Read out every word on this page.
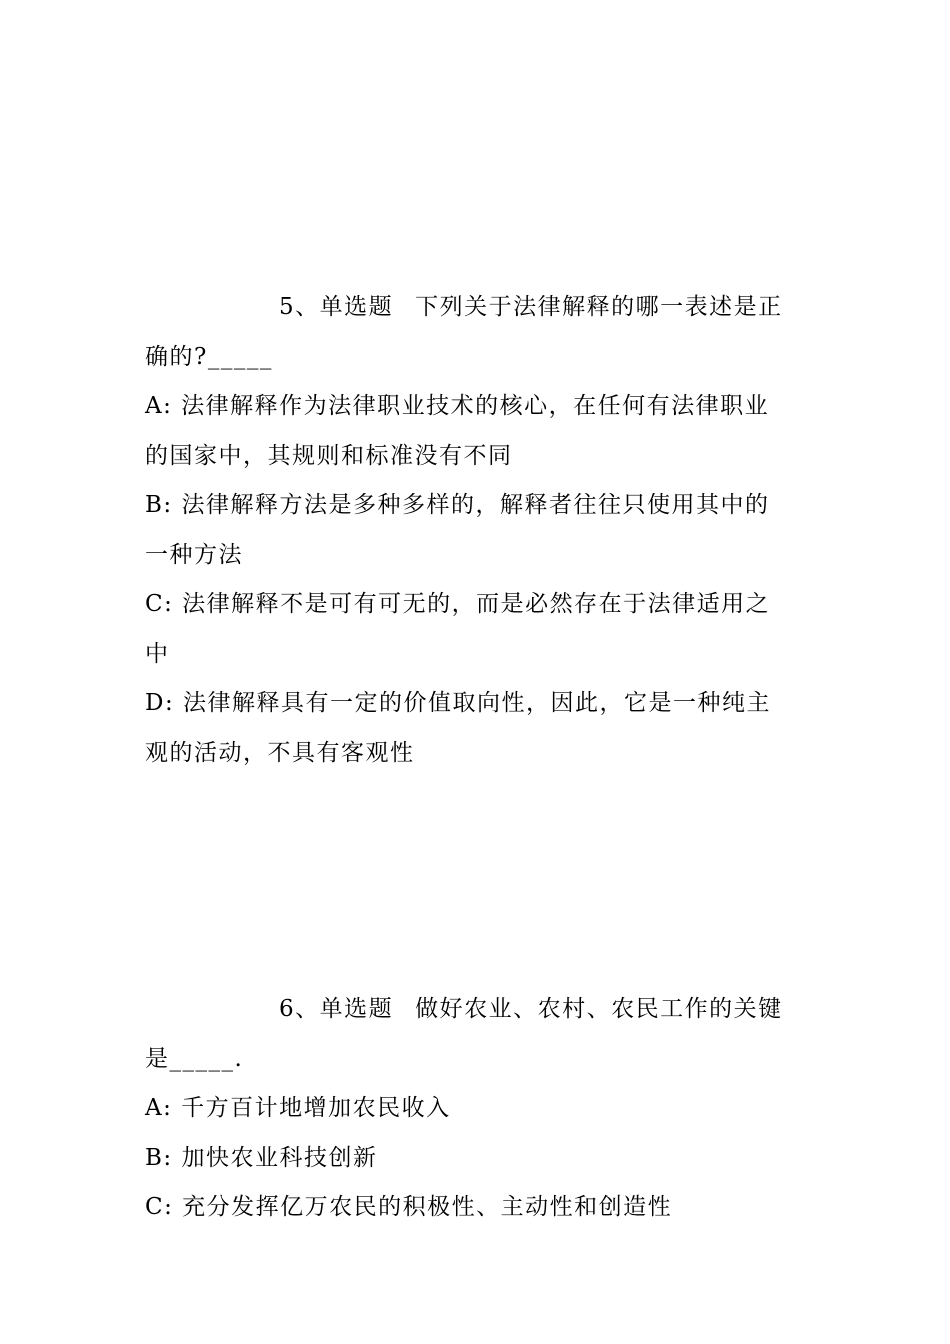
5、单选题 下列关于法律解释的哪一表述是正
确的?_____
A: 法律解释作为法律职业技术的核心，在任何有法律职业
的国家中，其规则和标准没有不同
B: 法律解释方法是多种多样的，解释者往往只使用其中的
一种方法
C: 法律解释不是可有可无的，而是必然存在于法律适用之
中
D: 法律解释具有一定的价值取向性，因此，它是一种纯主
观的活动，不具有客观性
6、单选题 做好农业、农村、农民工作的关键
是_____.
A: 千方百计地增加农民收入
B: 加快农业科技创新
C: 充分发挥亿万农民的积极性、主动性和创造性
